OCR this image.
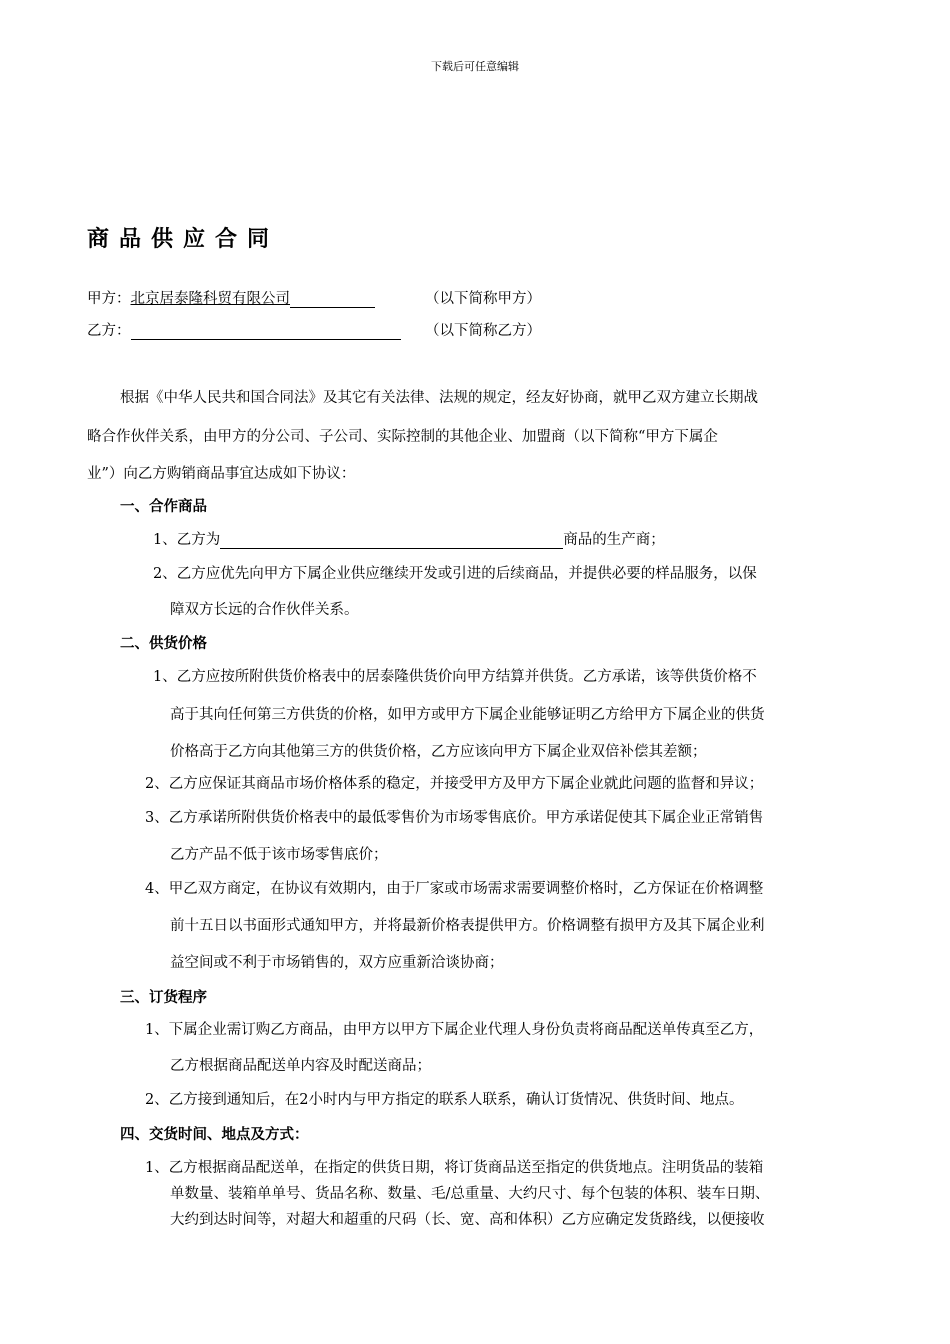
下载后可任意编辑
商品供应合同
甲方：北京居泰隆科贸有限公司	（以下简称甲方）
乙方：	（以下简称乙方）
根据《中华人民共和国合同法》及其它有关法律、法规的规定，经友好协商，就甲乙双方建立长期战
略合作伙伴关系，由甲方的分公司、子公司、实际控制的其他企业、加盟商（以下简称“甲方下属企
业”）向乙方购销商品事宜达成如下协议：
一、合作商品
1、乙方为	商品的生产商；
2、乙方应优先向甲方下属企业供应继续开发或引进的后续商品，并提供必要的样品服务，以保
障双方长远的合作伙伴关系。
二、供货价格
1、乙方应按所附供货价格表中的居泰隆供货价向甲方结算并供货。乙方承诺，该等供货价格不
高于其向任何第三方供货的价格，如甲方或甲方下属企业能够证明乙方给甲方下属企业的供货
价格高于乙方向其他第三方的供货价格，乙方应该向甲方下属企业双倍补偿其差额；
2、乙方应保证其商品市场价格体系的稳定，并接受甲方及甲方下属企业就此问题的监督和异议；
3、乙方承诺所附供货价格表中的最低零售价为市场零售底价。甲方承诺促使其下属企业正常销售
乙方产品不低于该市场零售底价；
4、甲乙双方商定，在协议有效期内，由于厂家或市场需求需要调整价格时，乙方保证在价格调整
前十五日以书面形式通知甲方，并将最新价格表提供甲方。价格调整有损甲方及其下属企业利
益空间或不利于市场销售的，双方应重新洽谈协商；
三、订货程序
1、下属企业需订购乙方商品，由甲方以甲方下属企业代理人身份负责将商品配送单传真至乙方，
乙方根据商品配送单内容及时配送商品；
2、乙方接到通知后，在2小时内与甲方指定的联系人联系，确认订货情况、供货时间、地点。
四、交货时间、地点及方式：
1、乙方根据商品配送单，在指定的供货日期，将订货商品送至指定的供货地点。注明货品的装箱
单数量、装箱单单号、货品名称、数量、毛/总重量、大约尺寸、每个包装的体积、装车日期、
大约到达时间等，对超大和超重的尺码（长、宽、高和体积）乙方应确定发货路线，以便接收
